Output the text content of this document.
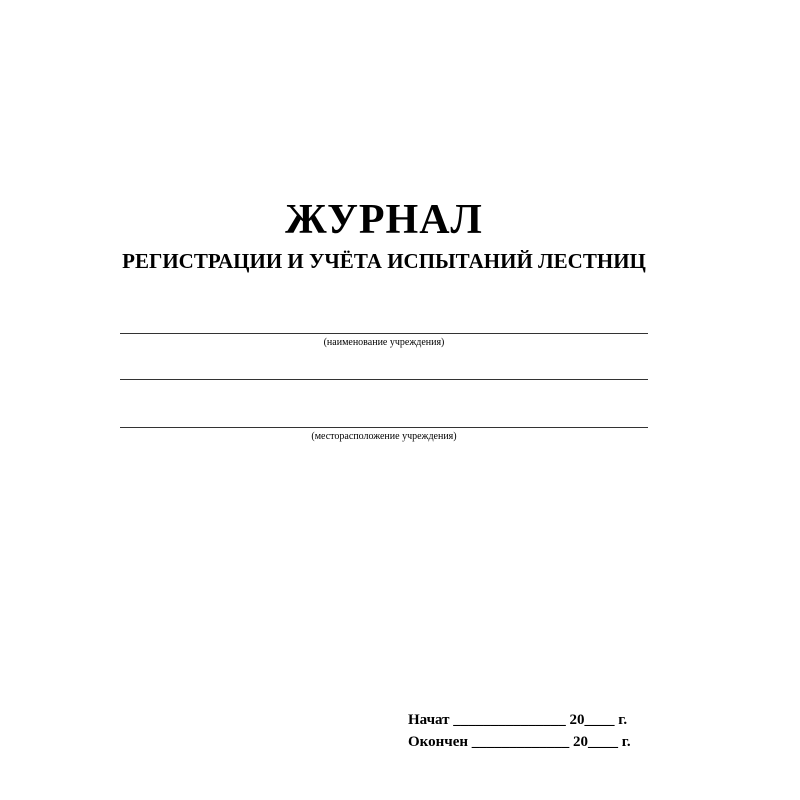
ЖУРНАЛ
РЕГИСТРАЦИИ И УЧЁТА ИСПЫТАНИЙ ЛЕСТНИЦ
(наименование учреждения)
(месторасположение учреждения)
Начат _______________ 20____ г.
Окончен _____________ 20____ г.
